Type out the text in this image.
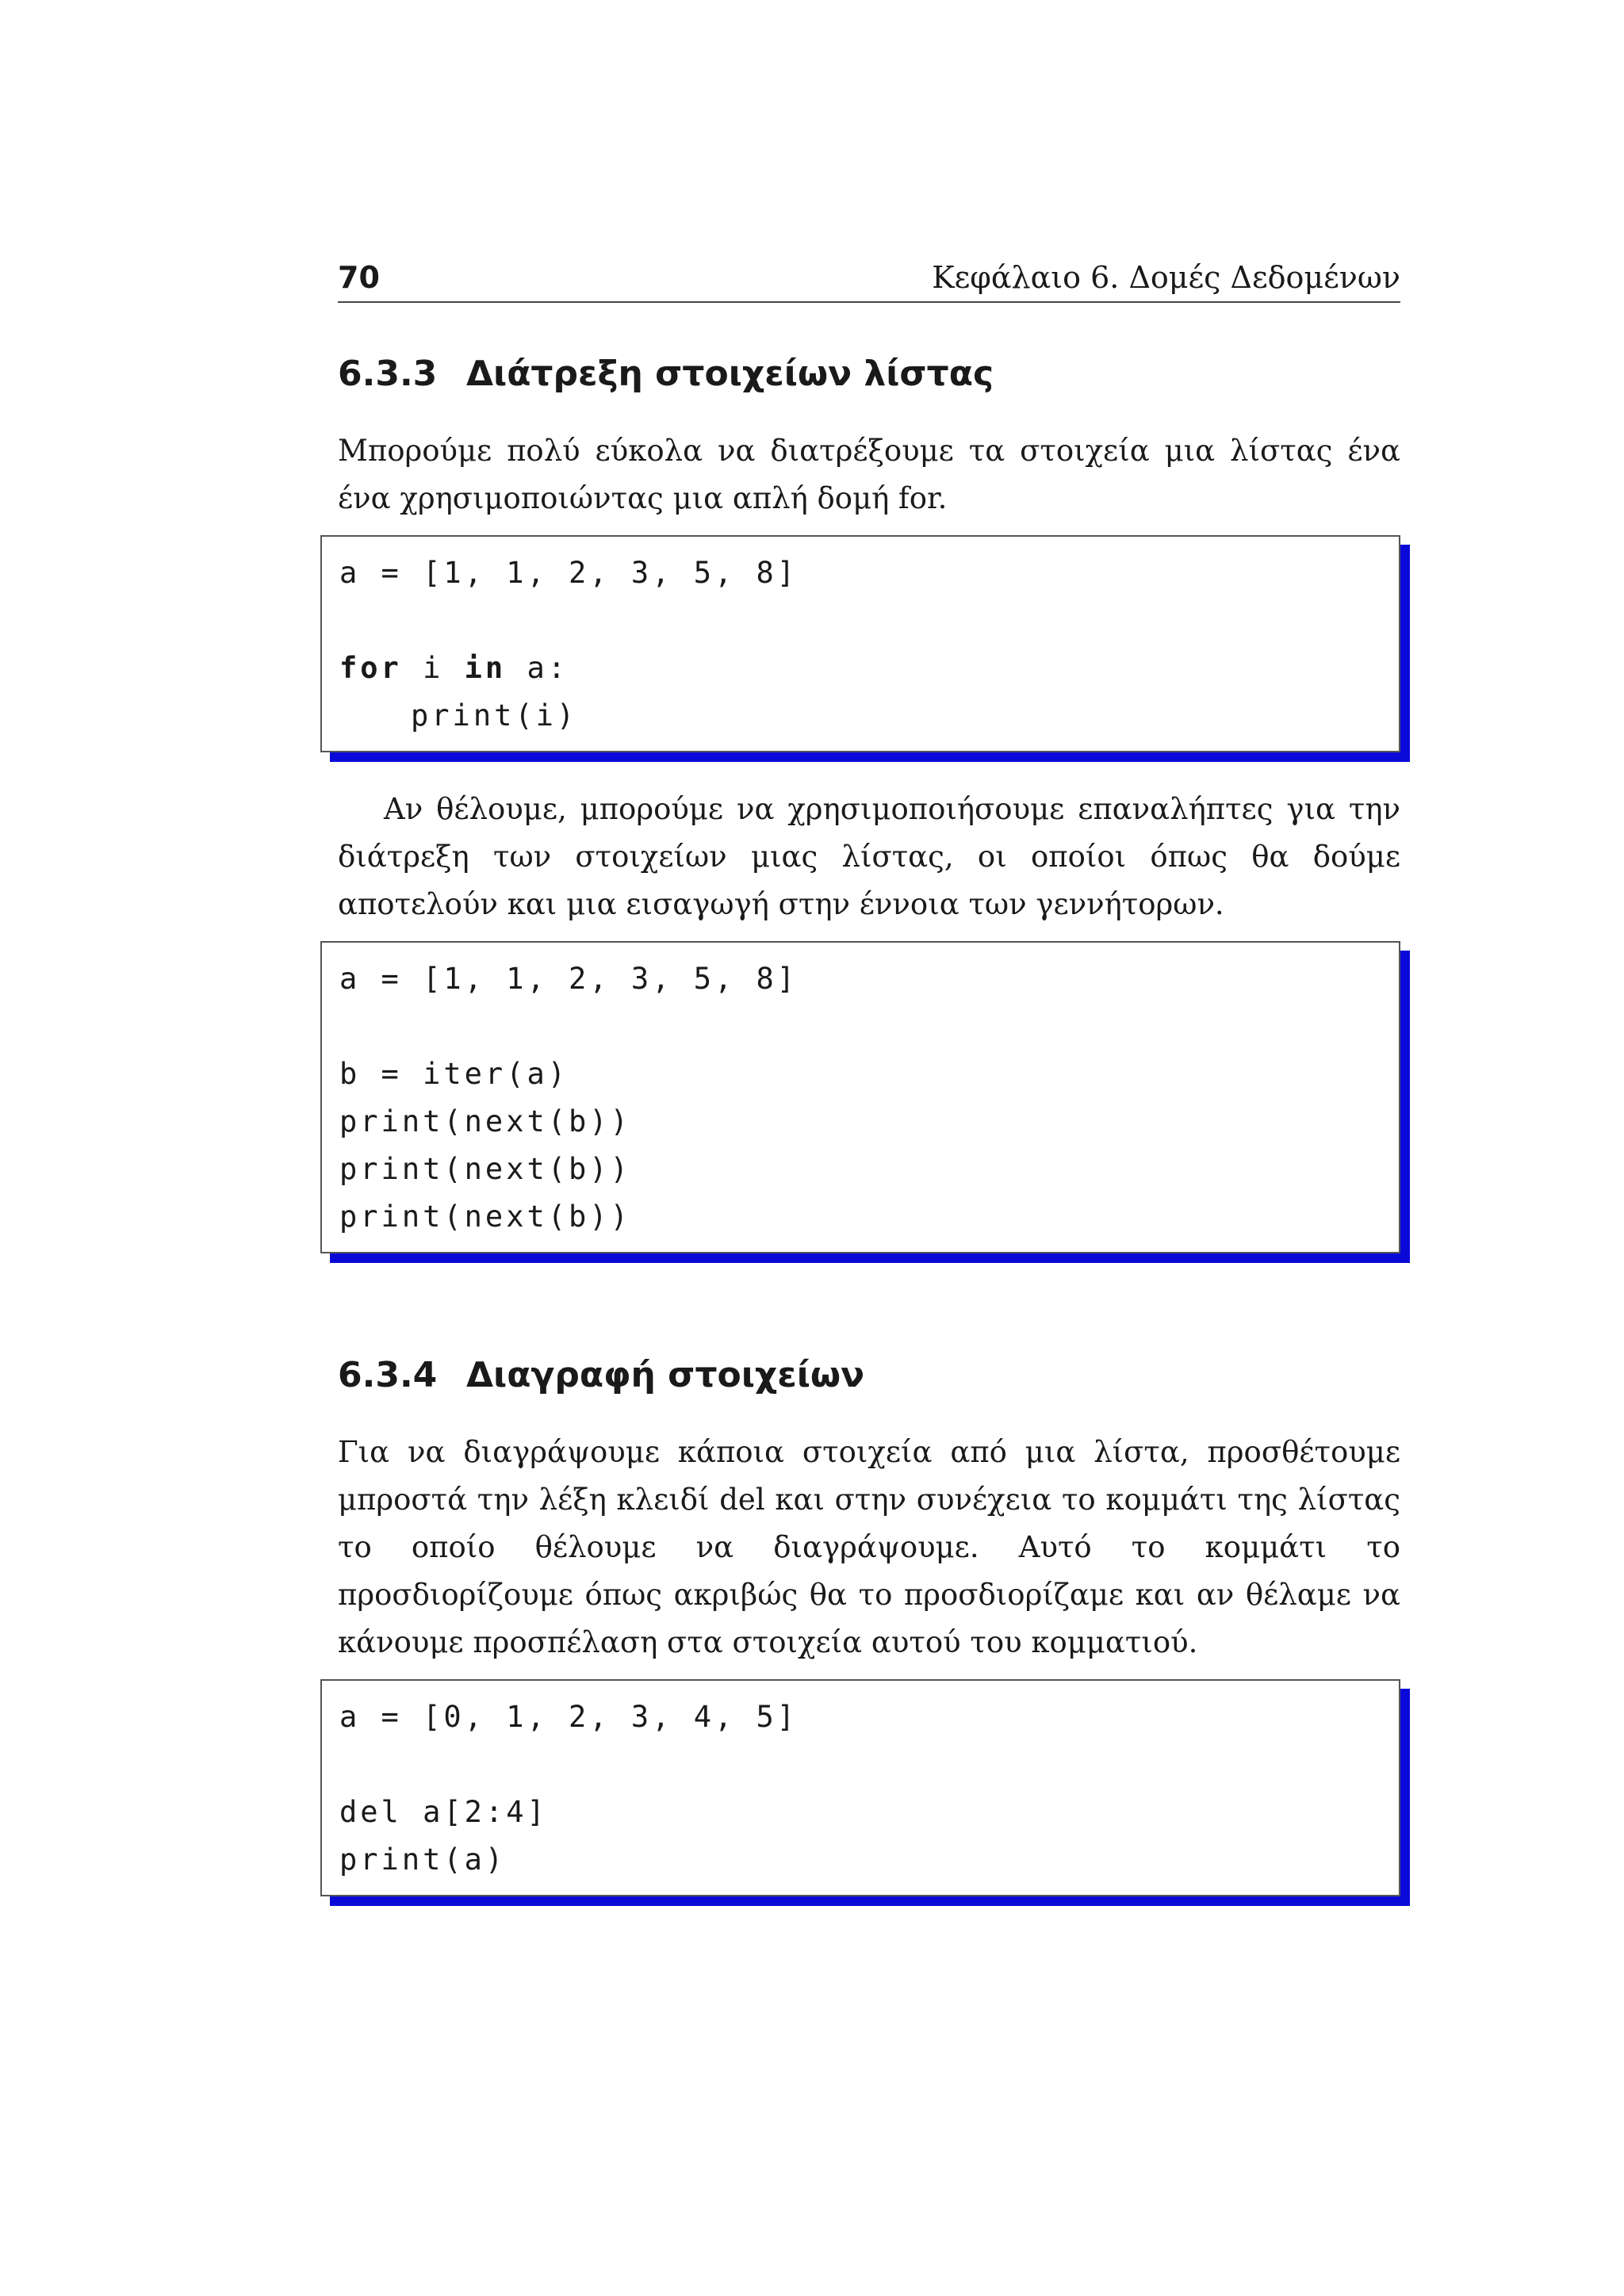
70	Κεφάλαιο 6. Δομές Δεδομένων
6.3.3 Διάτρεξη στοιχείων λίστας

Μπορούμε πολύ εύκολα να διατρέξουμε τα στοιχεία μια λίστας ένα ένα χρησιμοποιώντας μια απλή δομή for.

a = [1, 1, 2, 3, 5, 8]
for i in a:
print(i)

Αν θέλουμε, μπορούμε να χρησιμοποιήσουμε επαναλήπτες για την διάτρεξη των στοιχείων μιας λίστας, οι οποίοι όπως θα δούμε αποτελούν και μια εισαγωγή στην έννοια των γεννήτορων.

a = [1, 1, 2, 3, 5, 8]
b = iter(a)
print(next(b))
print(next(b))
print(next(b))
6.3.4 Διαγραφή στοιχείων

Για να διαγράψουμε κάποια στοιχεία από μια λίστα, προσθέτουμε μπροστά την λέξη κλειδί del και στην συνέχεια το κομμάτι της λίστας το οποίο θέλουμε να διαγράψουμε. Αυτό το κομμάτι το προσδιορίζουμε όπως ακριβώς θα το προσδιορίζαμε και αν θέλαμε να κάνουμε προσπέλαση στα στοιχεία αυτού του κομματιού.

a = [0, 1, 2, 3, 4, 5]
del a[2:4]
print(a)
